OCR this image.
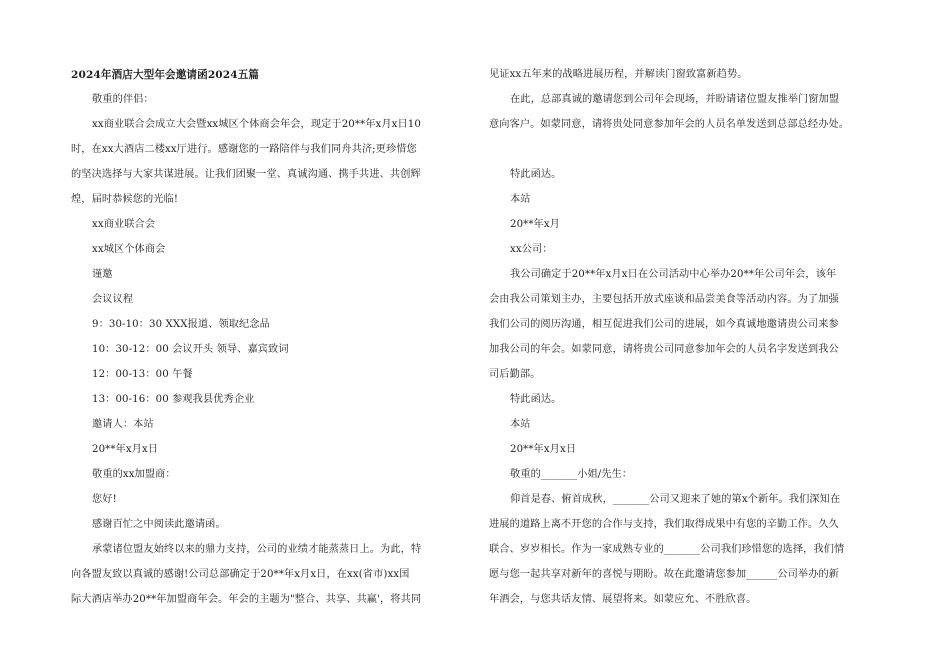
2024年酒店大型年会邀请函2024五篇
敬重的伴侣：
xx商业联合会成立大会暨xx城区个体商会年会，现定于20**年x月x日10
时，在xx大酒店二楼xx厅进行。感谢您的一路陪伴与我们同舟共济;更珍惜您
的坚决选择与大家共谋进展。让我们团聚一堂、真诚沟通、携手共进、共创辉
煌，届时恭候您的光临!
xx商业联合会
xx城区个体商会
谨邀
会议议程
9：30-10：30 XXX报道、领取纪念品
10：30-12：00 会议开头 领导、嘉宾致词
12：00-13：00 午餐
13：00-16：00 参观我县优秀企业
邀请人：本站
20**年x月x日
敬重的xx加盟商：
您好!
感谢百忙之中阅读此邀请函。
承蒙诸位盟友始终以来的鼎力支持，公司的业绩才能蒸蒸日上。为此，特
向各盟友致以真诚的感谢!公司总部确定于20**年x月x日，在xx(省市)xx国
际大酒店举办20**年加盟商年会。年会的主题为"整合、共享、共赢'，将共同
见证xx五年来的战略进展历程，并解读门窗致富新趋势。
在此，总部真诚的邀请您到公司年会现场，并盼请诸位盟友推举门窗加盟
意向客户。如蒙同意，请将贵处同意参加年会的人员名单发送到总部总经办处。
特此函达。
本站
20**年x月
xx公司：
我公司确定于20**年x月x日在公司活动中心举办20**年公司年会，该年
会由我公司策划主办，主要包括开放式座谈和品尝美食等活动内容。为了加强
我们公司的阅历沟通，相互促进我们公司的进展，如今真诚地邀请贵公司来参
加我公司的年会。如蒙同意，请将贵公司同意参加年会的人员名字发送到我公
司后勤部。
特此函达。
本站
20**年x月x日
敬重的_______小姐/先生：
仰首是春、俯首成秋，_______公司又迎来了她的第x个新年。我们深知在
进展的道路上离不开您的合作与支持，我们取得成果中有您的辛勤工作。久久
联合、岁岁相长。作为一家成熟专业的_______公司我们珍惜您的选择，我们情
愿与您一起共享对新年的喜悦与期盼。故在此邀请您参加______公司举办的新
年酒会，与您共话友情、展望将来。如蒙应允、不胜欣喜。
